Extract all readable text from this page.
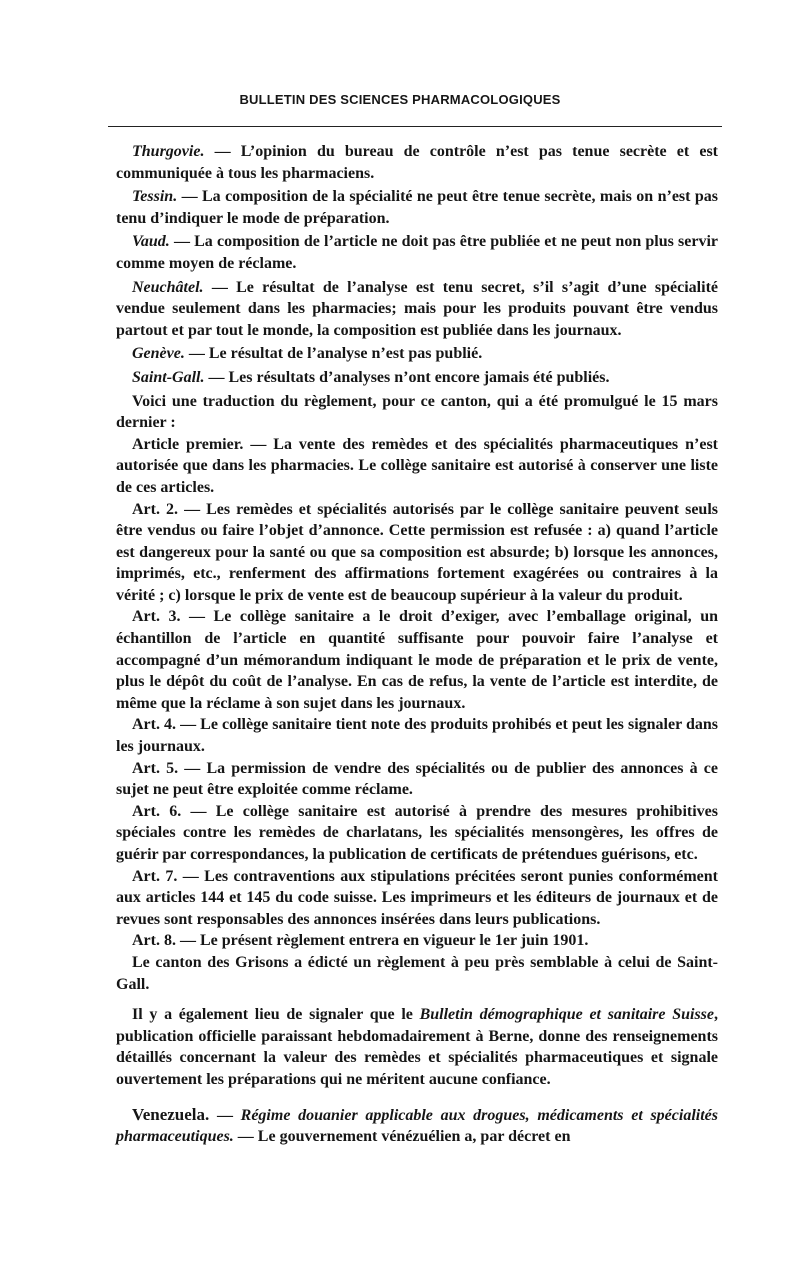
BULLETIN DES SCIENCES PHARMACOLOGIQUES

Thurgovie. — L’opinion du bureau de contrôle n’est pas tenue secrète et est communiquée à tous les pharmaciens.

Tessin. — La composition de la spécialité ne peut être tenue secrète, mais on n’est pas tenu d’indiquer le mode de préparation.

Vaud. — La composition de l’article ne doit pas être publiée et ne peut non plus servir comme moyen de réclame.

Neuchâtel. — Le résultat de l’analyse est tenu secret, s’il s’agit d’une spécialité vendue seulement dans les pharmacies; mais pour les produits pouvant être vendus partout et par tout le monde, la composition est publiée dans les journaux.

Genève. — Le résultat de l’analyse n’est pas publié.

Saint-Gall. — Les résultats d’analyses n’ont encore jamais été publiés.

Voici une traduction du règlement, pour ce canton, qui a été promulgué le 15 mars dernier :

Article premier. — La vente des remèdes et des spécialités pharmaceutiques n’est autorisée que dans les pharmacies. Le collège sanitaire est autorisé à conserver une liste de ces articles.

Art. 2. — Les remèdes et spécialités autorisés par le collège sanitaire peuvent seuls être vendus ou faire l’objet d’annonce. Cette permission est refusée : a) quand l’article est dangereux pour la santé ou que sa composition est absurde; b) lorsque les annonces, imprimés, etc., renferment des affirmations fortement exagérées ou contraires à la vérité ; c) lorsque le prix de vente est de beaucoup supérieur à la valeur du produit.

Art. 3. — Le collège sanitaire a le droit d’exiger, avec l’emballage original, un échantillon de l’article en quantité suffisante pour pouvoir faire l’analyse et accompagné d’un mémorandum indiquant le mode de préparation et le prix de vente, plus le dépôt du coût de l’analyse. En cas de refus, la vente de l’article est interdite, de même que la réclame à son sujet dans les journaux.

Art. 4. — Le collège sanitaire tient note des produits prohibés et peut les signaler dans les journaux.

Art. 5. — La permission de vendre des spécialités ou de publier des annonces à ce sujet ne peut être exploitée comme réclame.

Art. 6. — Le collège sanitaire est autorisé à prendre des mesures prohibitives spéciales contre les remèdes de charlatans, les spécialités mensongères, les offres de guérir par correspondances, la publication de certificats de prétendues guérisons, etc.

Art. 7. — Les contraventions aux stipulations précitées seront punies conformément aux articles 144 et 145 du code suisse. Les imprimeurs et les éditeurs de journaux et de revues sont responsables des annonces insérées dans leurs publications.

Art. 8. — Le présent règlement entrera en vigueur le 1er juin 1901.

Le canton des Grisons a édicté un règlement à peu près semblable à celui de Saint-Gall.

Il y a également lieu de signaler que le Bulletin démographique et sanitaire Suisse, publication officielle paraissant hebdomadairement à Berne, donne des renseignements détaillés concernant la valeur des remèdes et spécialités pharmaceutiques et signale ouvertement les préparations qui ne méritent aucune confiance.

Venezuela. — Régime douanier applicable aux drogues, médicaments et spécialités pharmaceutiques. — Le gouvernement vénézuélien a, par décret en
